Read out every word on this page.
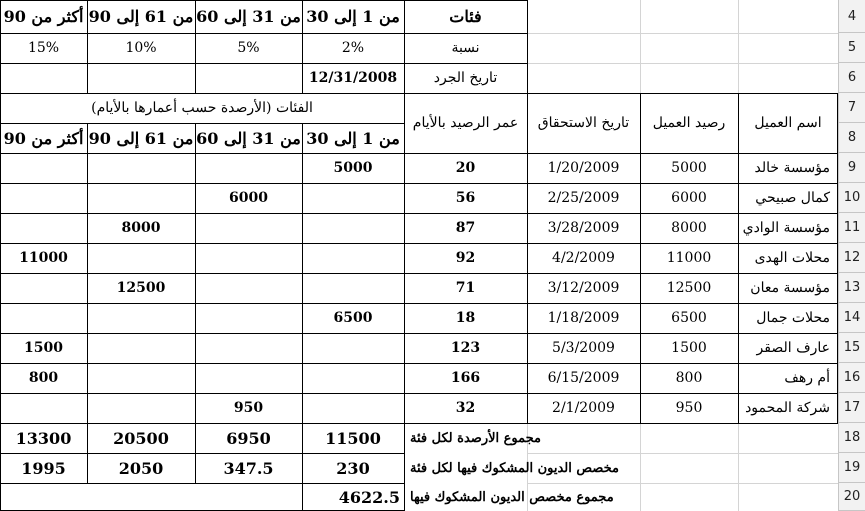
4
5
6
7
8
9
10
11
12
13
14
15
16
17
18
19
20
فئات
من 1 إلى 30
من 31 إلى 60
من 61 إلى 90
أكثر من 90
نسبة
2%
5%
10%
15%
تاريخ الجرد
12/31/2008
اسم العميل
رصيد العميل
تاريخ الاستحقاق
عمر الرصيد بالأيام
الفئات (الأرصدة حسب أعمارها بالأيام)
من 1 إلى 30
من 31 إلى 60
من 61 إلى 90
أكثر من 90
مؤسسة خالد
5000
1/20/2009
20
5000
كمال صبيحي
6000
2/25/2009
56
6000
مؤسسة الوادي
8000
3/28/2009
87
8000
محلات الهدى
11000
4/2/2009
92
11000
مؤسسة معان
12500
3/12/2009
71
12500
محلات جمال
6500
1/18/2009
18
6500
عارف الصقر
1500
5/3/2009
123
1500
أم رهف
800
6/15/2009
166
800
شركة المحمود
950
2/1/2009
32
950
مجموع الأرصدة لكل فئة
11500
6950
20500
13300
مخصص الديون المشكوك فيها لكل فئة
230
347.5
2050
1995
مجموع مخصص الديون المشكوك فيها
4622.5
